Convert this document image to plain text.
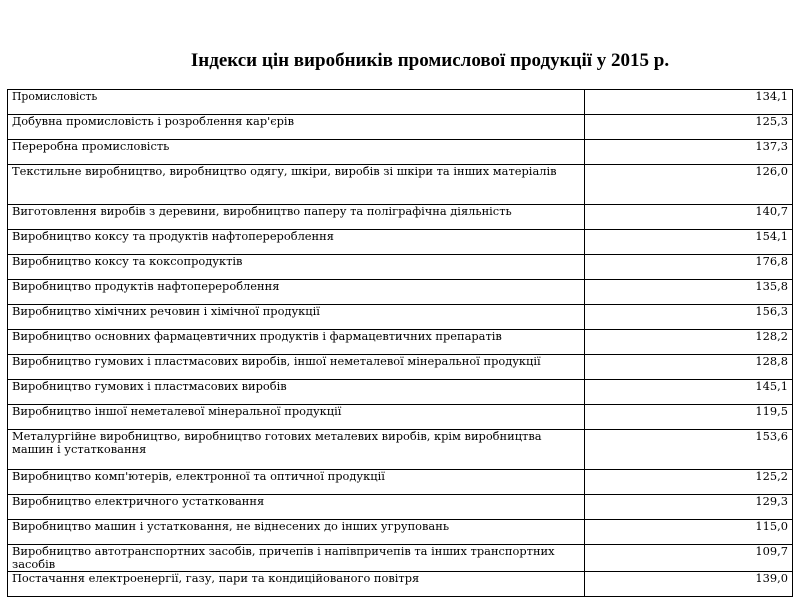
Індекси цін виробників промислової продукції у 2015 р.
Промисловість	134,1
Добувна промисловість і розроблення кар'єрів	125,3
Переробна промисловість	137,3
Текстильне виробництво, виробництво одягу, шкіри, виробів зі шкіри та інших матеріалів	126,0
Виготовлення виробів з деревини, виробництво паперу та поліграфічна діяльність	140,7
Виробництво коксу та продуктів нафтоперероблення	154,1
Виробництво коксу та коксопродуктів	176,8
Виробництво продуктів нафтоперероблення	135,8
Виробництво хімічних речовин і хімічної продукції	156,3
Виробництво основних фармацевтичних продуктів і фармацевтичних препаратів	128,2
Виробництво гумових і пластмасових виробів, іншої неметалевої мінеральної продукції	128,8
Виробництво гумових і пластмасових виробів	145,1
Виробництво іншої неметалевої мінеральної продукції	119,5
Металургійне виробництво, виробництво готових металевих виробів, крім виробництва машин і устатковання	153,6
Виробництво комп'ютерів, електронної та оптичної продукції	125,2
Виробництво електричного устатковання	129,3
Виробництво машин і устатковання, не віднесених до інших угруповань	115,0
Виробництво автотранспортних засобів, причепів і напівпричепів та інших транспортних засобів	109,7
Постачання електроенергії, газу, пари та кондиційованого повітря	139,0
